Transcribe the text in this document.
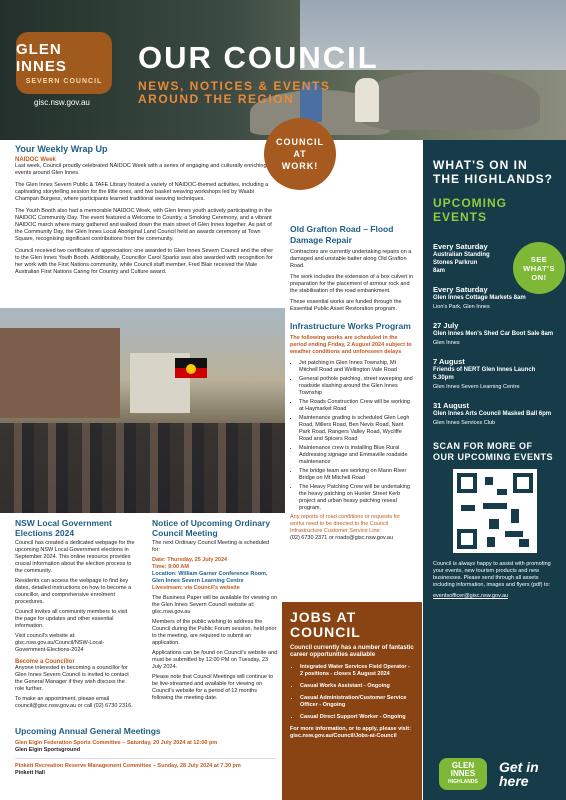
GLEN INNES
SEVERN COUNCIL
gisc.nsw.gov.au
OUR COUNCIL
NEWS, NOTICES & EVENTS AROUND THE REGION
COUNCIL AT WORK!
Your Weekly Wrap Up
NAIDOC Week

Last week, Council proudly celebrated NAIDOC Week with a series of engaging and culturally enriching events around Glen Innes.

The Glen Innes Severn Public & TAFE Library hosted a variety of NAIDOC-themed activities, including a captivating storytelling session for the little ones, and two basket weaving workshops led by Waabi Champan Burgess, where participants learned traditional weaving techniques.

The Youth Booth also had a memorable NAIDOC Week, with Glen Innes youth actively participating in the NAIDOC Community Day. The event featured a Welcome to Country, a Smoking Ceremony, and a vibrant NAIDOC march where many gathered and walked down the main street of Glen Innes together. As part of the Community Day, the Glen Innes Local Aboriginal Land Council held an awards ceremony at Town Square, recognising significant contributions from the community.

Council received two certificates of appreciation: one awarded to Glen Innes Severn Council and the other to the Glen Innes Youth Booth. Additionally, Councillor Carol Sparks was also awarded with recognition for her work with the First Nations community, while Council staff member, Fred Blair received the Male Australian First Nations Caring for Country and Culture award.

Old Grafton Road – Flood Damage Repair

Contractors are currently undertaking repairs on a damaged and unstable batter along Old Grafton Road.

The work includes the extension of a box culvert in preparation for the placement of armour rock and the stabilisation of the road embankment.

These essential works are funded through the Essential Public Asset Restoration program.

Infrastructure Works Program

The following works are scheduled in the period ending Friday, 2 August 2024 subject to weather conditions and unforeseen delays

• Jet patching in Glen Innes Township, Mt Mitchell Road and Wellington Vale Road
• General pothole patching, street sweeping and roadside slashing around the Glen Innes Township
• The Roads Construction Crew will be working at Haymarket Road
• Maintenance grading is scheduled Glen Legh Road, Millers Road, Ben Nevis Road, Nant Park Road, Rangers Valley Road, Wycliffe Road and Spicers Road
• Maintenance crew is installing Blue Rural Addressing signage and Emmaville roadside maintenance
• The bridge team are working on Mann River Bridge on Mt Mitchell Road
• The Heavy Patching Crew will be undertaking the heavy patching on Hunter Street Kerb project and urban heavy patching reseal program.

Any reports of road conditions or requests for works need to be directed to the Council Infrastructure Customer Service Line:

(02) 6730 2371 or roads@gisc.nsw.gov.au

NSW Local Government Elections 2024

Council has created a dedicated webpage for the upcoming NSW Local Government elections in September 2024. This online resource provides crucial information about the election process to the community.

Residents can access the webpage to find key dates, detailed instructions on how to become a councillor, and comprehensive enrolment procedures.

Council invites all community members to visit the page for updates and other essential information.

Visit council's website at: gisc.nsw.gov.au/Council/NSW-Local-Government-Elections-2024

Become a Councillor

Anyone interested in becoming a councillor for Glen Innes Severn Council is invited to contact the General Manager if they wish discuss the role further.

To make an appointment, please email council@gisc.nsw.gov.au or call (02) 6730 2316.

Notice of Upcoming Ordinary Council Meeting

The next Ordinary Council Meeting is scheduled for:

Date: Thursday, 25 July 2024

Time: 9:00 AM

Location: William Garner Conference Room, Glen Innes Severn Learning Centre

Livestream: via Council's website

The Business Paper will be available for viewing on the Glen Innes Severn Council website at: gisc.nsw.gov.au

Members of the public wishing to address the Council during the Public Forum session, held prior to the meeting, are required to submit an application.

Applications can be found on Council's website and must be submitted by 12:00 PM on Tuesday, 23 July 2024.

Please note that Council Meetings will continue to be live-streamed and available for viewing on Council's website for a period of 12 months following the meeting date.

Upcoming Annual General Meetings

Glen Elgin Federation Sports Committee – Saturday, 20 July 2024 at 12:00 pm

Glen Elgin Sportsground

Pinkett Recreation Reserve Management Committee – Sunday, 28 July 2024 at 7.30 pm

Pinkett Hall

JOBS AT COUNCIL
Council currently has a number of fantastic career opportunities available
• Integrated Water Services Field Operator - 2 positions - closes 5 August 2024
• Casual Works Assistant - Ongoing
• Casual Administration/Customer Service Officer - Ongoing
• Casual Direct Support Worker - Ongoing
For more information, or to apply, please visit: gisc.nsw.gov.au/Council/Jobs-at-Council
WHAT'S ON IN THE HIGHLANDS?
UPCOMING EVENTS
SEE WHAT'S ON!
Every Saturday
Australian Standing Stones Parkrun
8am
Every Saturday
Glen Innes Cottage Markets 8am
Lion's Park, Glen Innes
27 July
Glen Innes Men's Shed Car Boot Sale 8am
Glen Innes
7 August
Friends of NERT Glen Innes Launch 5.30pm
Glen Innes Severn Learning Centre
31 August
Glen Innes Arts Council Masked Ball 6pm
Glen Innes Services Club
SCAN FOR MORE OF OUR UPCOMING EVENTS
Council is always happy to assist with promoting your events, new tourism products and new businesses. Please send through all assets including information, images and flyers (pdf) to:
eventsofficer@gisc.nsw.gov.au
GLEN INNES
HIGHLANDS
Get in here
